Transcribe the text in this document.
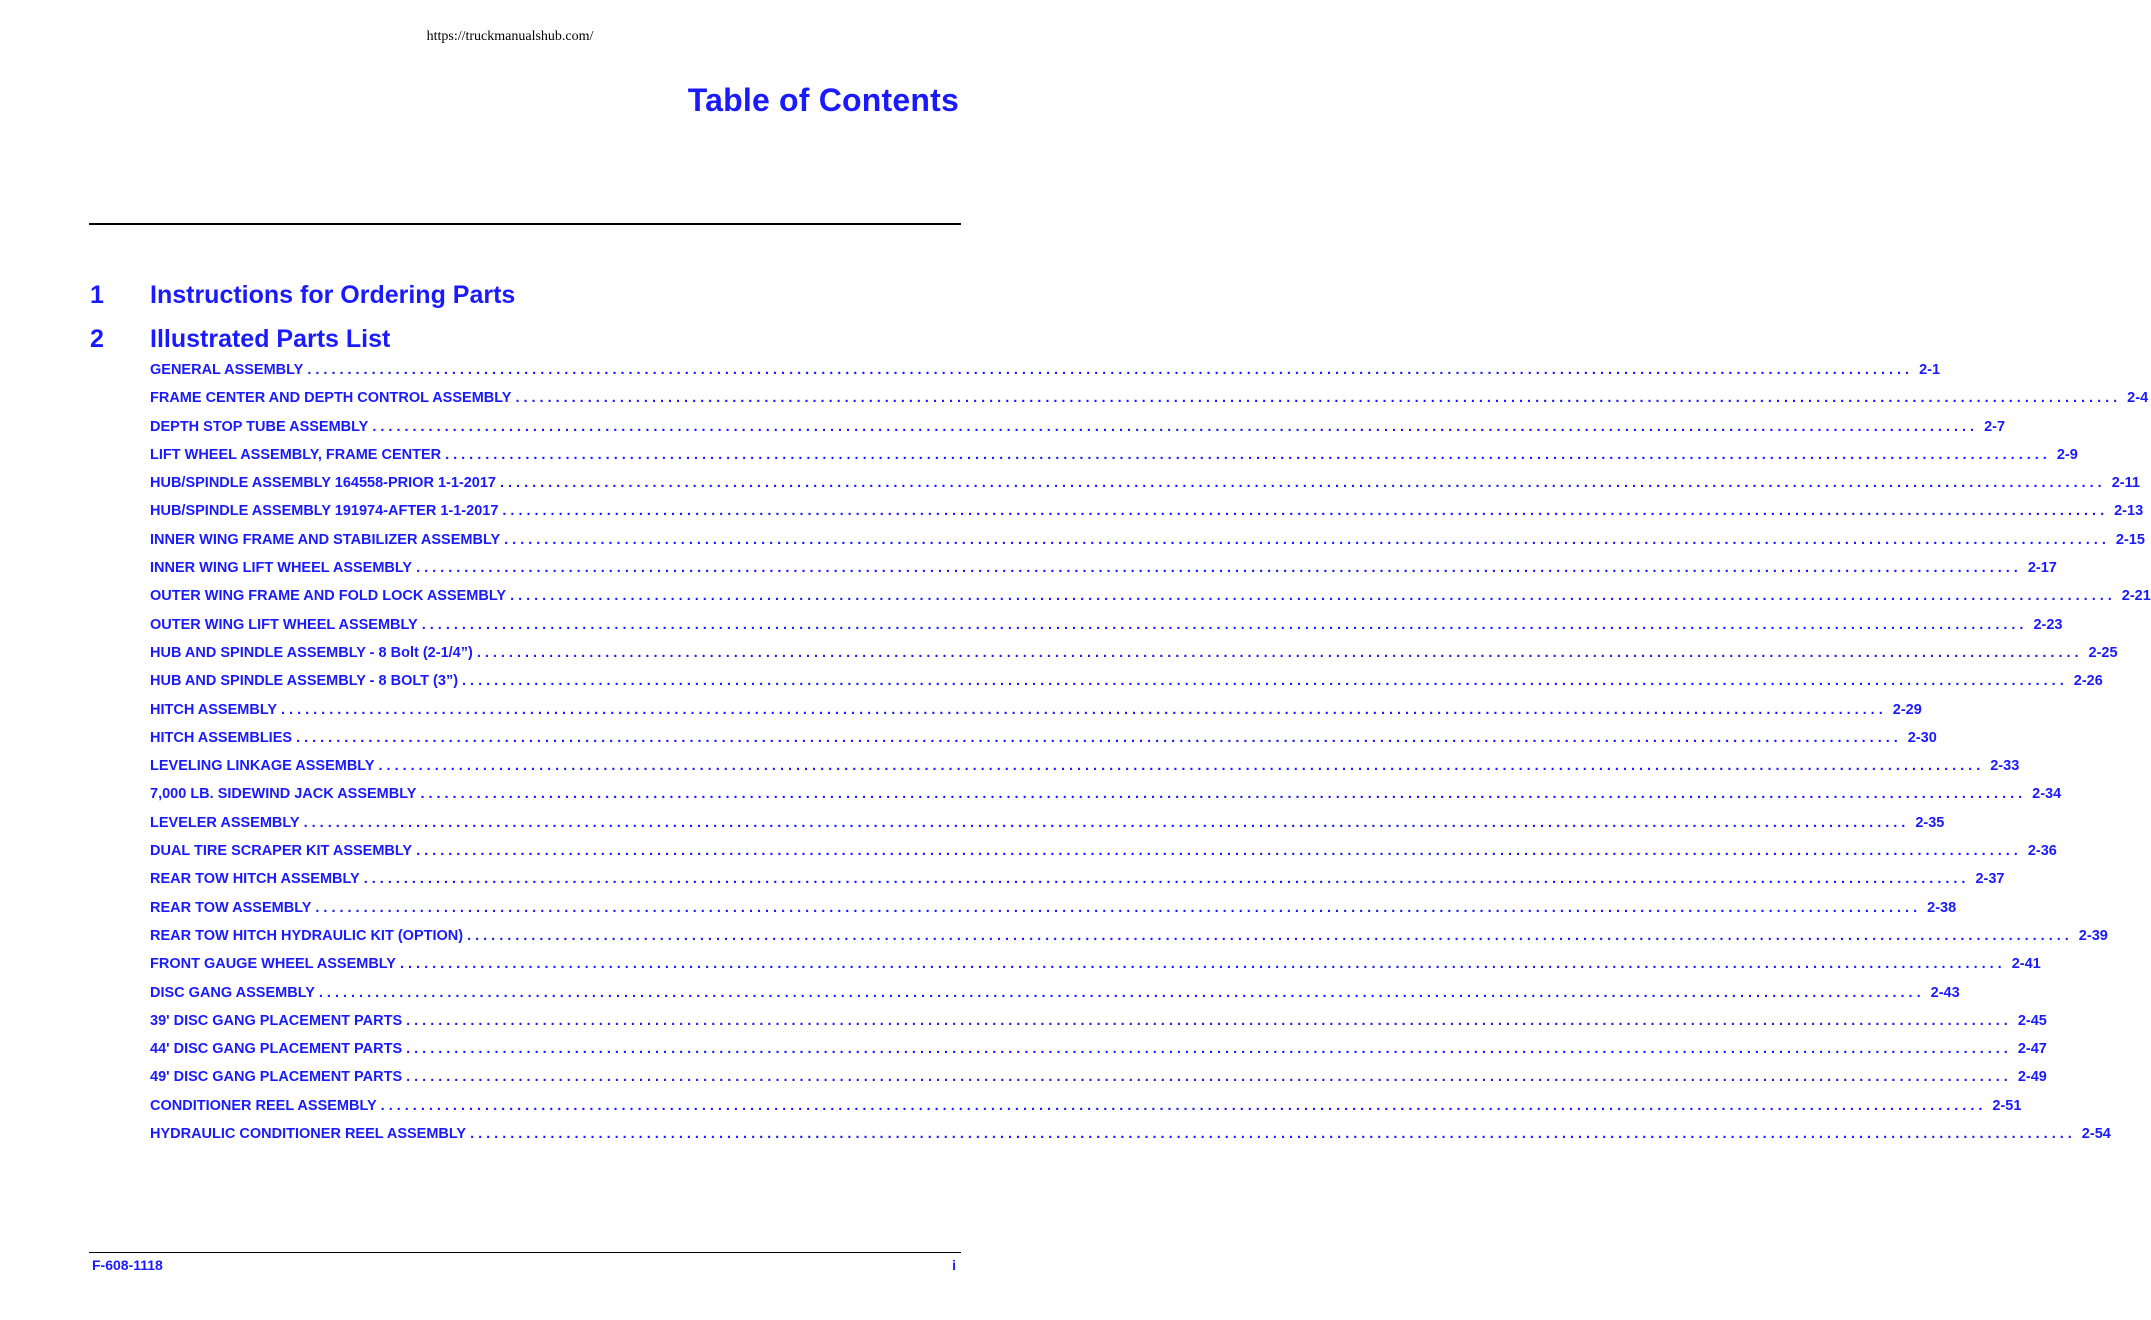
https://truckmanualshub.com/
Table of Contents
1 Instructions for Ordering Parts
2 Illustrated Parts List
GENERAL ASSEMBLY ........................................................................................................................................................................................................ 2-1
FRAME CENTER AND DEPTH CONTROL ASSEMBLY ........................................................................................................................................................................................................ 2-4
DEPTH STOP TUBE ASSEMBLY ........................................................................................................................................................................................................ 2-7
LIFT WHEEL ASSEMBLY, FRAME CENTER ........................................................................................................................................................................................................ 2-9
HUB/SPINDLE ASSEMBLY 164558-PRIOR 1-1-2017 ........................................................................................................................................................................................................ 2-11
HUB/SPINDLE ASSEMBLY 191974-AFTER 1-1-2017 ........................................................................................................................................................................................................ 2-13
INNER WING FRAME AND STABILIZER ASSEMBLY ........................................................................................................................................................................................................ 2-15
INNER WING LIFT WHEEL ASSEMBLY ........................................................................................................................................................................................................ 2-17
OUTER WING FRAME AND FOLD LOCK ASSEMBLY ........................................................................................................................................................................................................ 2-21
OUTER WING LIFT WHEEL ASSEMBLY ........................................................................................................................................................................................................ 2-23
HUB AND SPINDLE ASSEMBLY - 8 Bolt (2-1/4”) ........................................................................................................................................................................................................ 2-25
HUB AND SPINDLE ASSEMBLY - 8 BOLT (3”) ........................................................................................................................................................................................................ 2-26
HITCH ASSEMBLY ........................................................................................................................................................................................................ 2-29
HITCH ASSEMBLIES ........................................................................................................................................................................................................ 2-30
LEVELING LINKAGE ASSEMBLY ........................................................................................................................................................................................................ 2-33
7,000 LB. SIDEWIND JACK ASSEMBLY ........................................................................................................................................................................................................ 2-34
LEVELER ASSEMBLY ........................................................................................................................................................................................................ 2-35
DUAL TIRE SCRAPER KIT ASSEMBLY ........................................................................................................................................................................................................ 2-36
REAR TOW HITCH ASSEMBLY ........................................................................................................................................................................................................ 2-37
REAR TOW ASSEMBLY ........................................................................................................................................................................................................ 2-38
REAR TOW HITCH HYDRAULIC KIT (OPTION) ........................................................................................................................................................................................................ 2-39
FRONT GAUGE WHEEL ASSEMBLY ........................................................................................................................................................................................................ 2-41
DISC GANG ASSEMBLY ........................................................................................................................................................................................................ 2-43
39' DISC GANG PLACEMENT PARTS ........................................................................................................................................................................................................ 2-45
44' DISC GANG PLACEMENT PARTS ........................................................................................................................................................................................................ 2-47
49' DISC GANG PLACEMENT PARTS ........................................................................................................................................................................................................ 2-49
CONDITIONER REEL ASSEMBLY ........................................................................................................................................................................................................ 2-51
HYDRAULIC CONDITIONER REEL ASSEMBLY ........................................................................................................................................................................................................ 2-54
F-608-1118	i
